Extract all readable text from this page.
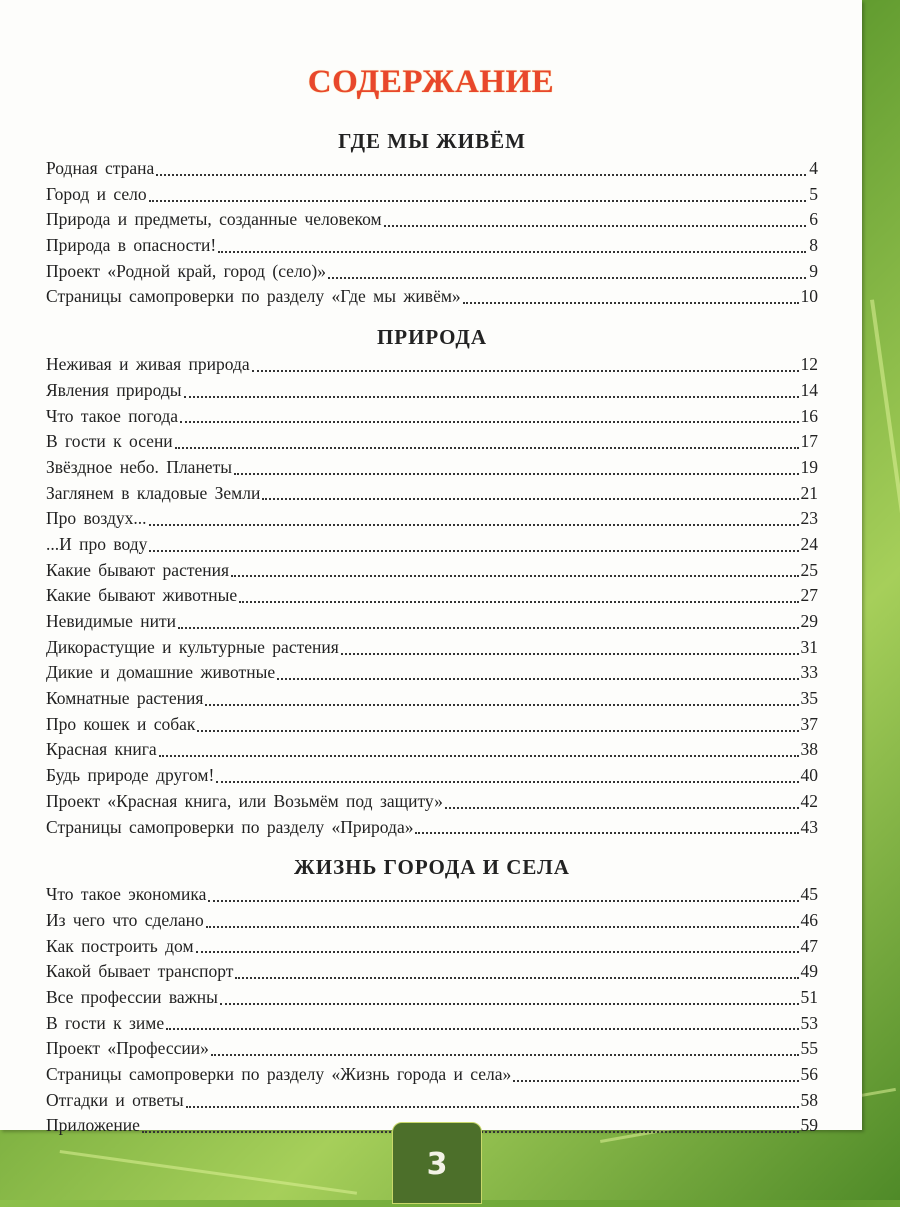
СОДЕРЖАНИЕ
ГДЕ МЫ ЖИВЁМ
Родная страна	4
Город и село	5
Природа и предметы, созданные человеком	6
Природа в опасности!	8
Проект «Родной край, город (село)»	9
Страницы самопроверки по разделу «Где мы живём»	10
ПРИРОДА
Неживая и живая природа	12
Явления природы	14
Что такое погода	16
В гости к осени	17
Звёздное небо. Планеты	19
Заглянем в кладовые Земли	21
Про воздух...	23
...И про воду	24
Какие бывают растения	25
Какие бывают животные	27
Невидимые нити	29
Дикорастущие и культурные растения	31
Дикие и домашние животные	33
Комнатные растения	35
Про кошек и собак	37
Красная книга	38
Будь природе другом!	40
Проект «Красная книга, или Возьмём под защиту»	42
Страницы самопроверки по разделу «Природа»	43
ЖИЗНЬ ГОРОДА И СЕЛА
Что такое экономика	45
Из чего что сделано	46
Как построить дом	47
Какой бывает транспорт	49
Все профессии важны	51
В гости к зиме	53
Проект «Профессии»	55
Страницы самопроверки по разделу «Жизнь города и села»	56
Отгадки и ответы	58
Приложение	59
3
